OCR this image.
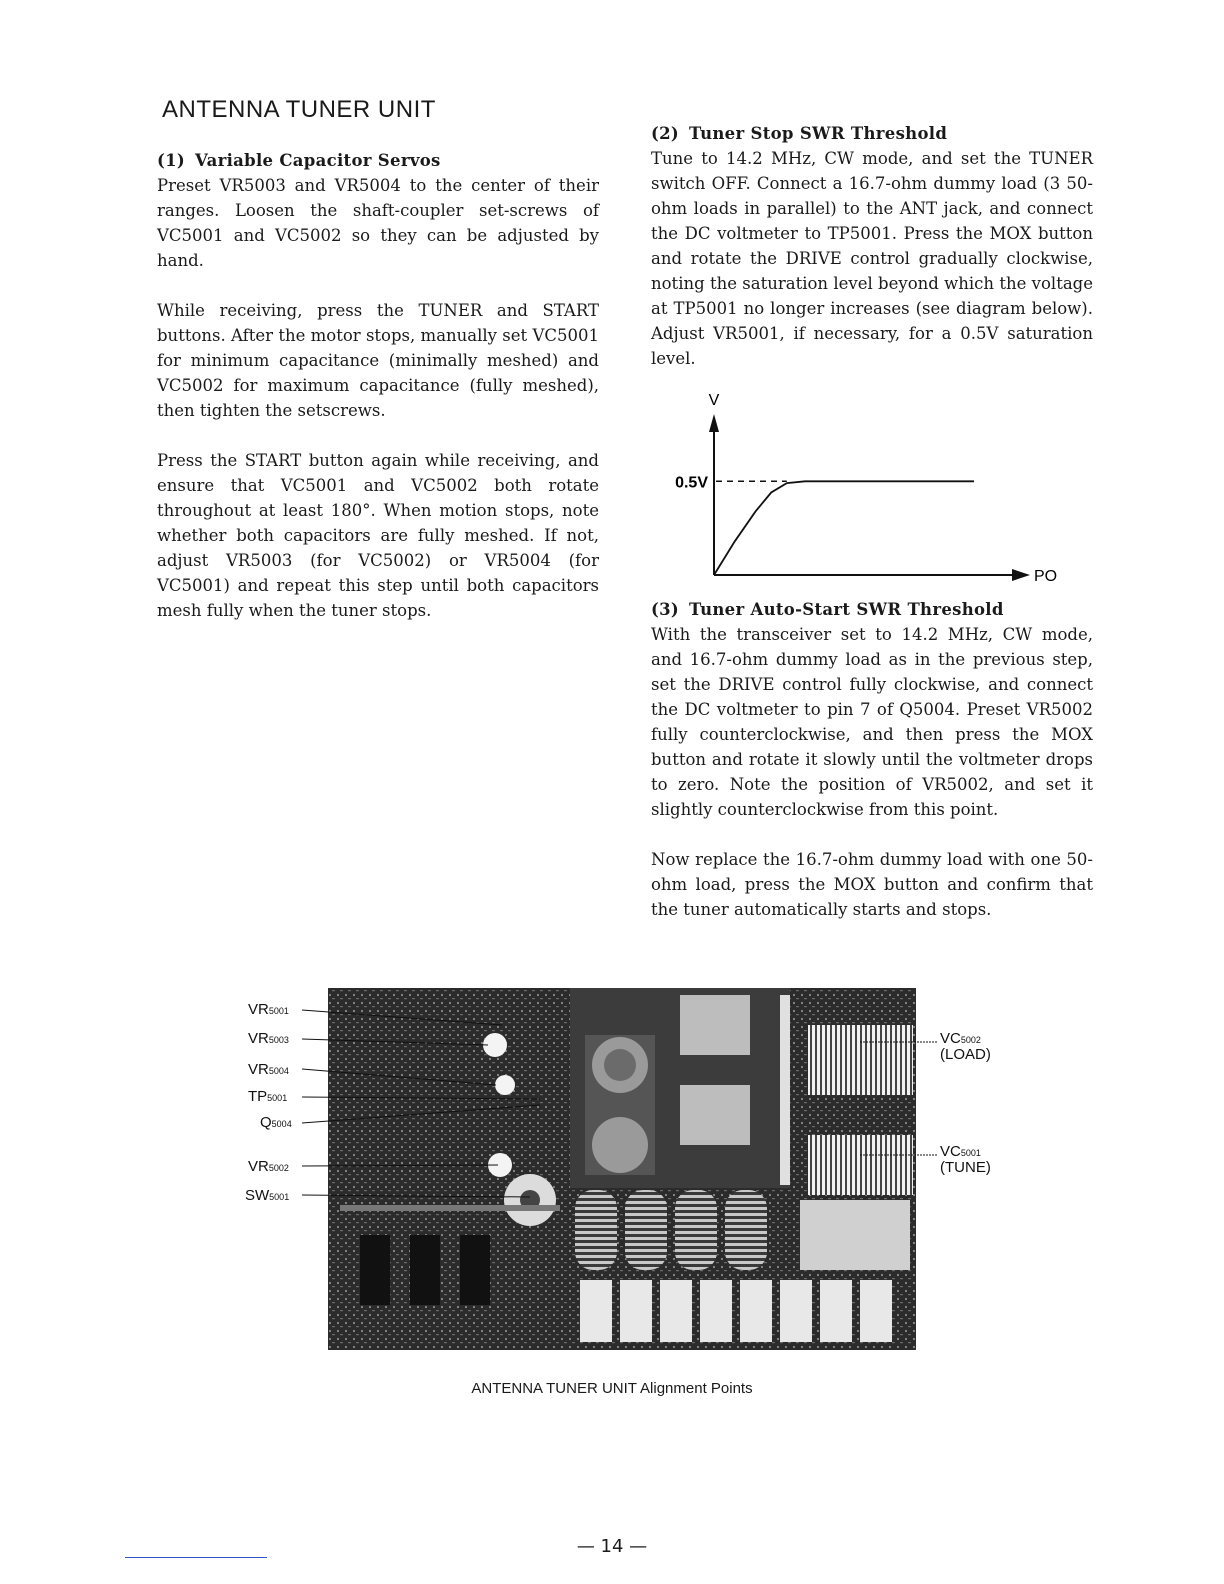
ANTENNA TUNER UNIT
(1) Variable Capacitor Servos

Preset VR5003 and VR5004 to the center of their ranges. Loosen the shaft-coupler set-screws of VC5001 and VC5002 so they can be adjusted by hand.

While receiving, press the TUNER and START buttons. After the motor stops, manually set VC5001 for minimum capacitance (minimally meshed) and VC5002 for maximum capacitance (fully meshed), then tighten the setscrews.

Press the START button again while receiving, and ensure that VC5001 and VC5002 both rotate throughout at least 180°. When motion stops, note whether both capacitors are fully meshed. If not, adjust VR5003 (for VC5002) or VR5004 (for VC5001) and repeat this step until both capacitors mesh fully when the tuner stops.

(2) Tuner Stop SWR Threshold

Tune to 14.2 MHz, CW mode, and set the TUNER switch OFF. Connect a 16.7-ohm dummy load (3 50-ohm loads in parallel) to the ANT jack, and connect the DC voltmeter to TP5001. Press the MOX button and rotate the DRIVE control gradually clockwise, noting the saturation level beyond which the voltage at TP5001 no longer increases (see diagram below). Adjust VR5001, if necessary, for a 0.5V saturation level.

V
PO
0.5V
(3) Tuner Auto-Start SWR Threshold

With the transceiver set to 14.2 MHz, CW mode, and 16.7-ohm dummy load as in the previous step, set the DRIVE control fully clockwise, and connect the DC voltmeter to pin 7 of Q5004. Preset VR5002 fully counterclockwise, and then press the MOX button and rotate it slowly until the voltmeter drops to zero. Note the position of VR5002, and set it slightly counterclockwise from this point.

Now replace the 16.7-ohm dummy load with one 50-ohm load, press the MOX button and confirm that the tuner automatically starts and stops.

VR5001
VR5003
VR5004
TP5001
Q5004
VR5002
SW5001
VC5002
(LOAD)
VC5001
(TUNE)
ANTENNA TUNER UNIT Alignment Points
— 14 —
